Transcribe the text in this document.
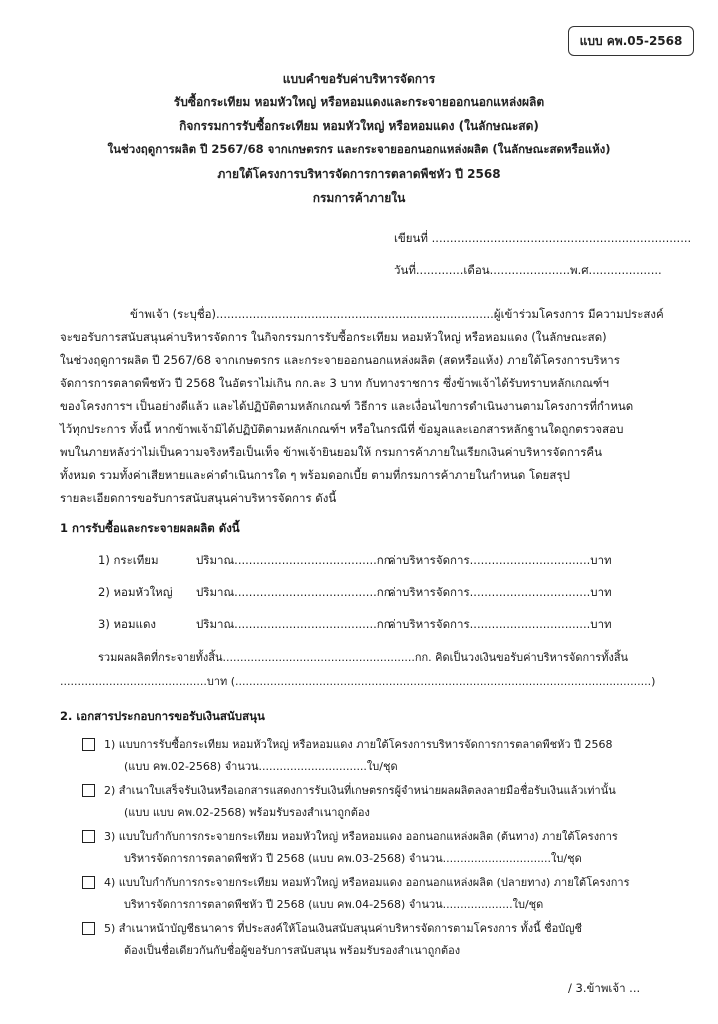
แบบ คพ.05-2568
แบบคำขอรับค่าบริหารจัดการ
รับซื้อกระเทียม หอมหัวใหญ่ หรือหอมแดงและกระจายออกนอกแหล่งผลิต
กิจกรรมการรับซื้อกระเทียม หอมหัวใหญ่ หรือหอมแดง (ในลักษณะสด)
ในช่วงฤดูการผลิต ปี 2567/68 จากเกษตรกร และกระจายออกนอกแหล่งผลิต (ในลักษณะสดหรือแห้ง)
ภายใต้โครงการบริหารจัดการการตลาดพืชหัว ปี 2568
กรมการค้าภายใน
เขียนที่ .......................................................................
วันที่.............เดือน......................พ.ศ....................
ข้าพเจ้า (ระบุชื่อ)............................................................................ผู้เข้าร่วมโครงการ มีความประสงค์
จะขอรับการสนับสนุนค่าบริหารจัดการ ในกิจกรรมการรับซื้อกระเทียม หอมหัวใหญ่ หรือหอมแดง (ในลักษณะสด)
ในช่วงฤดูการผลิต ปี 2567/68 จากเกษตรกร และกระจายออกนอกแหล่งผลิต (สดหรือแห้ง) ภายใต้โครงการบริหาร
จัดการการตลาดพืชหัว ปี 2568 ในอัตราไม่เกิน กก.ละ 3 บาท กับทางราชการ ซึ่งข้าพเจ้าได้รับทราบหลักเกณฑ์ฯ
ของโครงการฯ เป็นอย่างดีแล้ว และได้ปฏิบัติตามหลักเกณฑ์ วิธีการ และเงื่อนไขการดำเนินงานตามโครงการที่กำหนด
ไว้ทุกประการ ทั้งนี้ หากข้าพเจ้ามิได้ปฏิบัติตามหลักเกณฑ์ฯ หรือในกรณีที่ ข้อมูลและเอกสารหลักฐานใดถูกตรวจสอบ
พบในภายหลังว่าไม่เป็นความจริงหรือเป็นเท็จ ข้าพเจ้ายินยอมให้ กรมการค้าภายในเรียกเงินค่าบริหารจัดการคืน
ทั้งหมด รวมทั้งค่าเสียหายและค่าดำเนินการใด ๆ พร้อมดอกเบี้ย ตามที่กรมการค้าภายในกำหนด โดยสรุป
รายละเอียดการขอรับการสนับสนุนค่าบริหารจัดการ ดังนี้
1 การรับซื้อและกระจายผลผลิต ดังนี้
1) กระเทียม	ปริมาณ.......................................กก.
ค่าบริหารจัดการ.................................บาท
2) หอมหัวใหญ่ ปริมาณ.......................................กก.
ค่าบริหารจัดการ.................................บาท
3) หอมแดง	ปริมาณ.......................................กก.
ค่าบริหารจัดการ.................................บาท
รวมผลผลิตที่กระจายทั้งสิ้น.......................................................กก. คิดเป็นวงเงินขอรับค่าบริหารจัดการทั้งสิ้น
..........................................บาท (.......................................................................................................................)
2. เอกสารประกอบการขอรับเงินสนับสนุน
1) แบบการรับซื้อกระเทียม หอมหัวใหญ่ หรือหอมแดง ภายใต้โครงการบริหารจัดการการตลาดพืชหัว ปี 2568
(แบบ คพ.02-2568) จำนวน...............................ใบ/ชุด
2) สำเนาใบเสร็จรับเงินหรือเอกสารแสดงการรับเงินที่เกษตรกรผู้จำหน่ายผลผลิตลงลายมือชื่อรับเงินแล้วเท่านั้น
(แบบ แบบ คพ.02-2568) พร้อมรับรองสำเนาถูกต้อง
3) แบบใบกำกับการกระจายกระเทียม หอมหัวใหญ่ หรือหอมแดง ออกนอกแหล่งผลิต (ต้นทาง) ภายใต้โครงการ
บริหารจัดการการตลาดพืชหัว ปี 2568 (แบบ คพ.03-2568) จำนวน...............................ใบ/ชุด
4) แบบใบกำกับการกระจายกระเทียม หอมหัวใหญ่ หรือหอมแดง ออกนอกแหล่งผลิต (ปลายทาง) ภายใต้โครงการ
บริหารจัดการการตลาดพืชหัว ปี 2568 (แบบ คพ.04-2568) จำนวน....................ใบ/ชุด
5) สำเนาหน้าบัญชีธนาคาร ที่ประสงค์ให้โอนเงินสนับสนุนค่าบริหารจัดการตามโครงการ ทั้งนี้ ชื่อบัญชี
ต้องเป็นชื่อเดียวกันกับชื่อผู้ขอรับการสนับสนุน พร้อมรับรองสำเนาถูกต้อง
/ 3.ข้าพเจ้า ...
